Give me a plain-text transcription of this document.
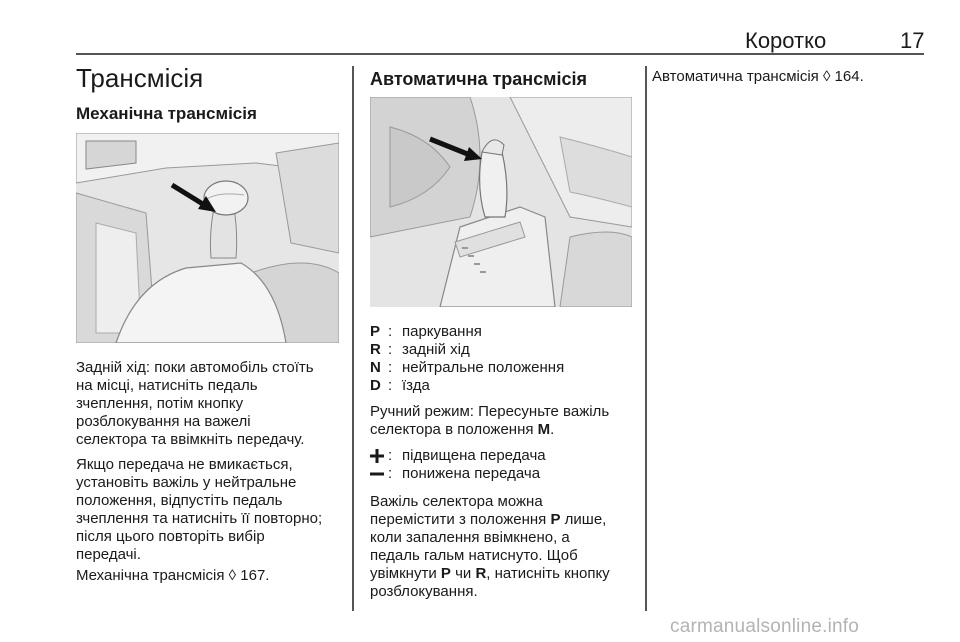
Коротко	17
Трансмісія
Механічна трансмісія
Задній хід: поки автомобіль стоїть
на місці, натисніть педаль
зчеплення, потім кнопку
розблокування на важелі
селектора та ввімкніть передачу.
Якщо передача не вмикається,
установіть важіль у нейтральне
положення, відпустіть педаль
зчеплення та натисніть її повторно;
після цього повторіть вибір
передачі.
Механічна трансмісія ◊ 167.
Автоматична трансмісія
P : паркування
R : задній хід
N : нейтральне положення
D : їзда
Ручний режим: Пересуньте важіль
селектора в положення M.
: підвищена передача
: понижена передача
Важіль селектора можна
перемістити з положення P лише,
коли запалення ввімкнено, а
педаль гальм натиснуто. Щоб
увімкнути P чи R, натисніть кнопку
розблокування.
Автоматична трансмісія ◊ 164.
carmanualsonline.info
